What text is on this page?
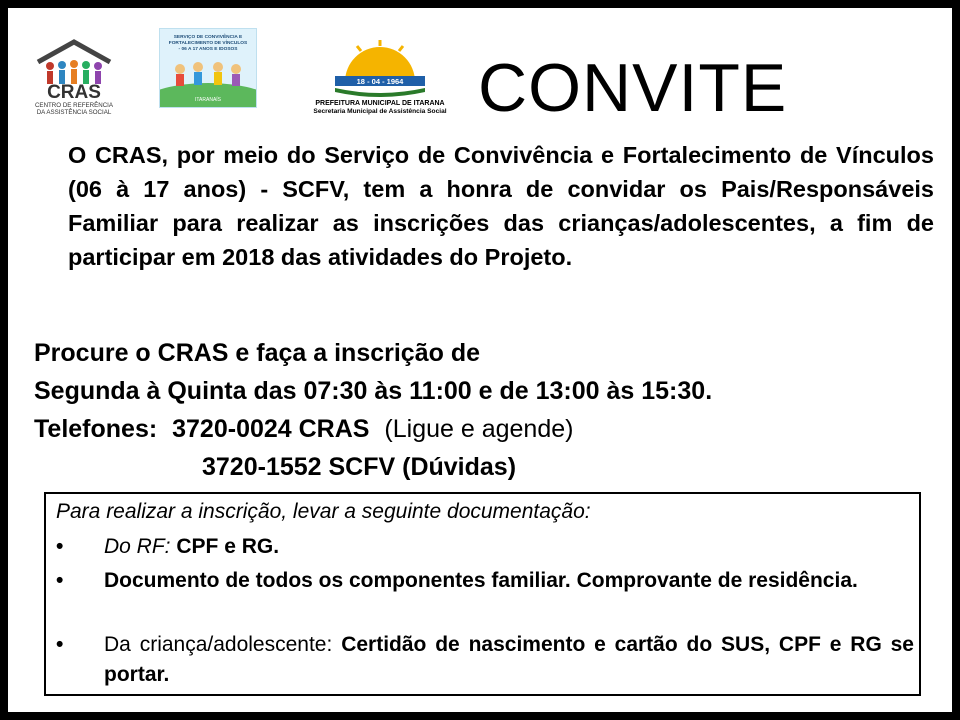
CRAS
CENTRO DE REFERÊNCIA
DA ASSISTÊNCIA SOCIAL
SERVIÇO DE CONVIVÊNCIA E
FORTALECIMENTO DE VÍNCULOS
- 06 A 17 ANOS E IDOSOS
ITARANAÍS
18 - 04 - 1964
PREFEITURA MUNICIPAL DE ITARANA
Secretaria Municipal de Assistência Social CONVITE

O CRAS, por meio do Serviço de Convivência e Fortalecimento de Vínculos (06 à 17 anos) - SCFV, tem a honra de convidar os Pais/Responsáveis Familiar para realizar as inscrições das crianças/adolescentes, a fim de participar em 2018 das atividades do Projeto.

Procure o CRAS e faça a inscrição de
Segunda à Quinta das 07:30 às 11:00 e de 13:00 às 15:30.
Telefones: 3720-0024 CRAS (Ligue e agende)
3720-1552 SCFV (Dúvidas)
Para realizar a inscrição, levar a seguinte documentação:
• Do RF: CPF e RG.
• Documento de todos os componentes familiar. Comprovante de residência.
• Da criança/adolescente: Certidão de nascimento e cartão do SUS, CPF e RG se portar.
